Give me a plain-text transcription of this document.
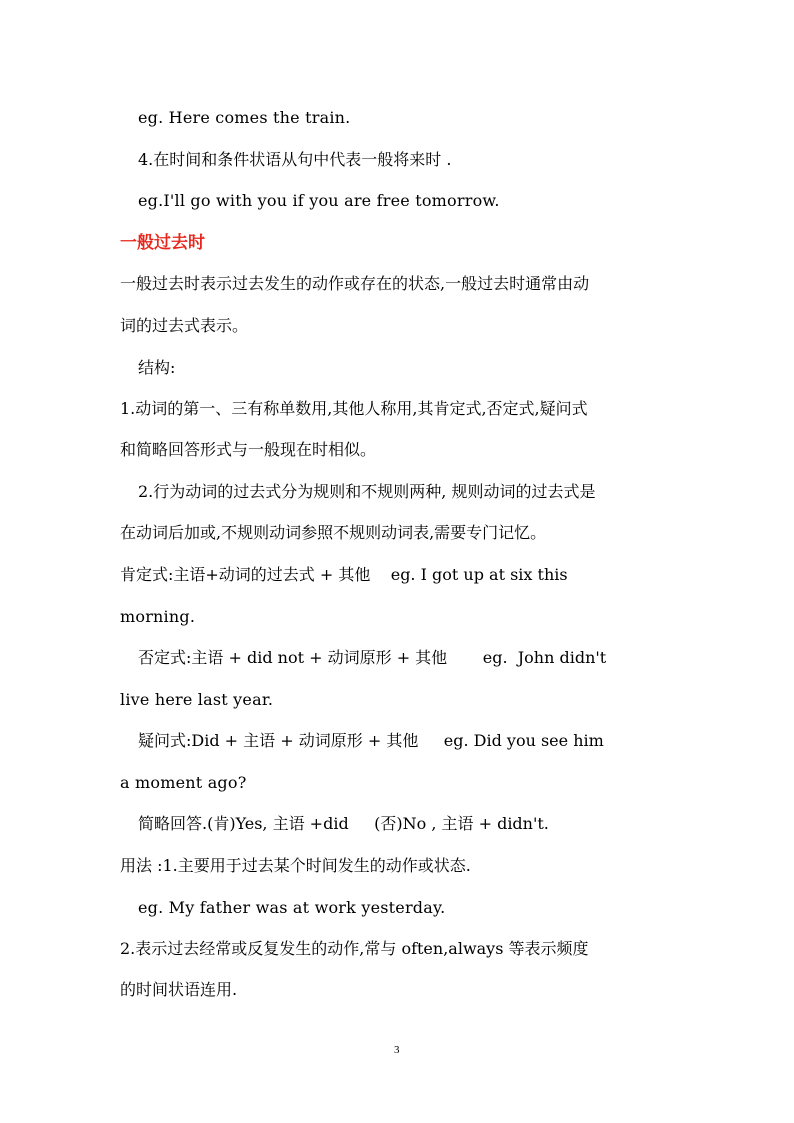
eg. Here comes the train.
4.在时间和条件状语从句中代表一般将来时 .
eg.I'll go with you if you are free tomorrow.
一般过去时
一般过去时表示过去发生的动作或存在的状态,一般过去时通常由动
词的过去式表示。
结构:
1.动词的第一、三有称单数用,其他人称用,其肯定式,否定式,疑问式
和简略回答形式与一般现在时相似。
2.行为动词的过去式分为规则和不规则两种, 规则动词的过去式是
在动词后加或,不规则动词参照不规则动词表,需要专门记忆。
肯定式:主语+动词的过去式 + 其他    eg. I got up at six this
morning.
否定式:主语 + did not + 动词原形 + 其他       eg.  John didn't
live here last year.
疑问式:Did + 主语 + 动词原形 + 其他     eg. Did you see him
a moment ago?
简略回答.(肯)Yes, 主语 +did     (否)No , 主语 + didn't.
用法 :1.主要用于过去某个时间发生的动作或状态.
eg. My father was at work yesterday.
2.表示过去经常或反复发生的动作,常与 often,always 等表示频度
的时间状语连用.
3
